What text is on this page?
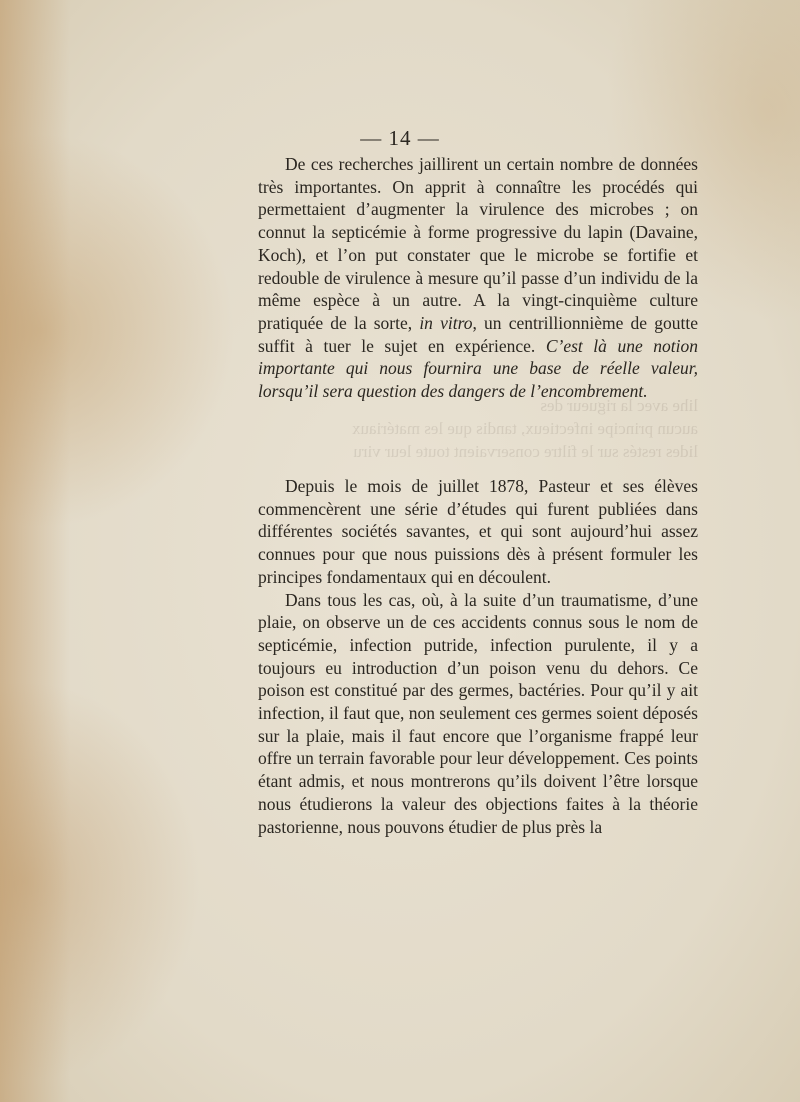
lihe avec la rigueur des
aucun principe infectieux, tandis que les matériaux
lides restés sur le filtre conservaient toute leur viru
— 14 —

De ces recherches jaillirent un certain nombre de données très importantes. On apprit à connaître les procédés qui permettaient d’augmenter la virulence des microbes ; on connut la septicémie à forme progressive du lapin (Davaine, Koch), et l’on put constater que le microbe se fortifie et redouble de virulence à mesure qu’il passe d’un individu de la même espèce à un autre. A la vingt-cinquième culture pratiquée de la sorte, in vitro, un centrillionnième de goutte suffit à tuer le sujet en expérience. C’est là une notion importante qui nous fournira une base de réelle valeur, lorsqu’il sera question des dangers de l’encombrement.

Depuis le mois de juillet 1878, Pasteur et ses élèves commencèrent une série d’études qui furent publiées dans différentes sociétés savantes, et qui sont aujourd’hui assez connues pour que nous puissions dès à présent formuler les principes fondamentaux qui en découlent.

Dans tous les cas, où, à la suite d’un traumatisme, d’une plaie, on observe un de ces accidents connus sous le nom de septicémie, infection putride, infection purulente, il y a toujours eu introduction d’un poison venu du dehors. Ce poison est constitué par des germes, bactéries. Pour qu’il y ait infection, il faut que, non seulement ces germes soient déposés sur la plaie, mais il faut encore que l’organisme frappé leur offre un terrain favorable pour leur développement. Ces points étant admis, et nous montrerons qu’ils doivent l’être lorsque nous étudierons la valeur des objections faites à la théorie pastorienne, nous pouvons étudier de plus près la
